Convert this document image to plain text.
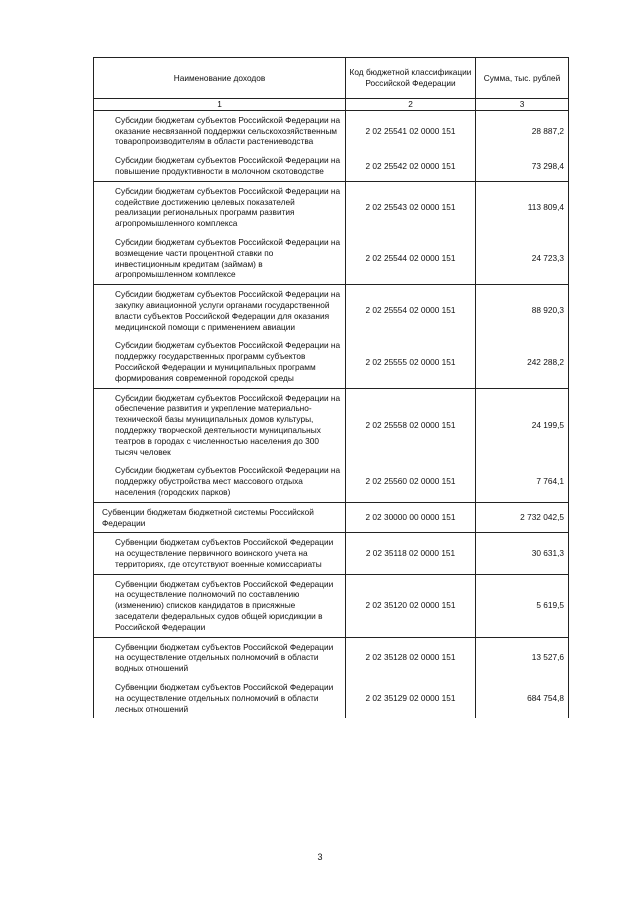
Наименование доходов	Код бюджетной классификации Российской Федерации	Сумма, тыс. рублей
1	2	3
Субсидии бюджетам субъектов Российской Федерации на оказание несвязанной поддержки сельскохозяйственным товаропроизводителям в области растениеводства	2 02 25541 02 0000 151	28 887,2
Субсидии бюджетам субъектов Российской Федерации на повышение продуктивности в молочном скотоводстве	2 02 25542 02 0000 151	73 298,4
Субсидии бюджетам субъектов Российской Федерации на содействие достижению целевых показателей реализации региональных программ развития агропромышленного комплекса	2 02 25543 02 0000 151	113 809,4
Субсидии бюджетам субъектов Российской Федерации на возмещение части процентной ставки по инвестиционным кредитам (займам) в агропромышленном комплексе	2 02 25544 02 0000 151	24 723,3
Субсидии бюджетам субъектов Российской Федерации на закупку авиационной услуги органами государственной власти субъектов Российской Федерации для оказания медицинской помощи с применением авиации	2 02 25554 02 0000 151	88 920,3
Субсидии бюджетам субъектов Российской Федерации на поддержку государственных программ субъектов Российской Федерации и муниципальных программ формирования современной городской среды	2 02 25555 02 0000 151	242 288,2
Субсидии бюджетам субъектов Российской Федерации на обеспечение развития и укрепление материально-технической базы муниципальных домов культуры, поддержку творческой деятельности муниципальных театров в городах с численностью населения до 300 тысяч человек	2 02 25558 02 0000 151	24 199,5
Субсидии бюджетам субъектов Российской Федерации на поддержку обустройства мест массового отдыха населения (городских парков)	2 02 25560 02 0000 151	7 764,1
Субвенции бюджетам бюджетной системы Российской Федерации	2 02 30000 00 0000 151	2 732 042,5
Субвенции бюджетам субъектов Российской Федерации на осуществление первичного воинского учета на территориях, где отсутствуют военные комиссариаты	2 02 35118 02 0000 151	30 631,3
Субвенции бюджетам субъектов Российской Федерации на осуществление полномочий по составлению (изменению) списков кандидатов в присяжные заседатели федеральных судов общей юрисдикции в Российской Федерации	2 02 35120 02 0000 151	5 619,5
Субвенции бюджетам субъектов Российской Федерации на осуществление отдельных полномочий в области водных отношений	2 02 35128 02 0000 151	13 527,6
Субвенции бюджетам субъектов Российской Федерации на осуществление отдельных полномочий в области лесных отношений	2 02 35129 02 0000 151	684 754,8
3
